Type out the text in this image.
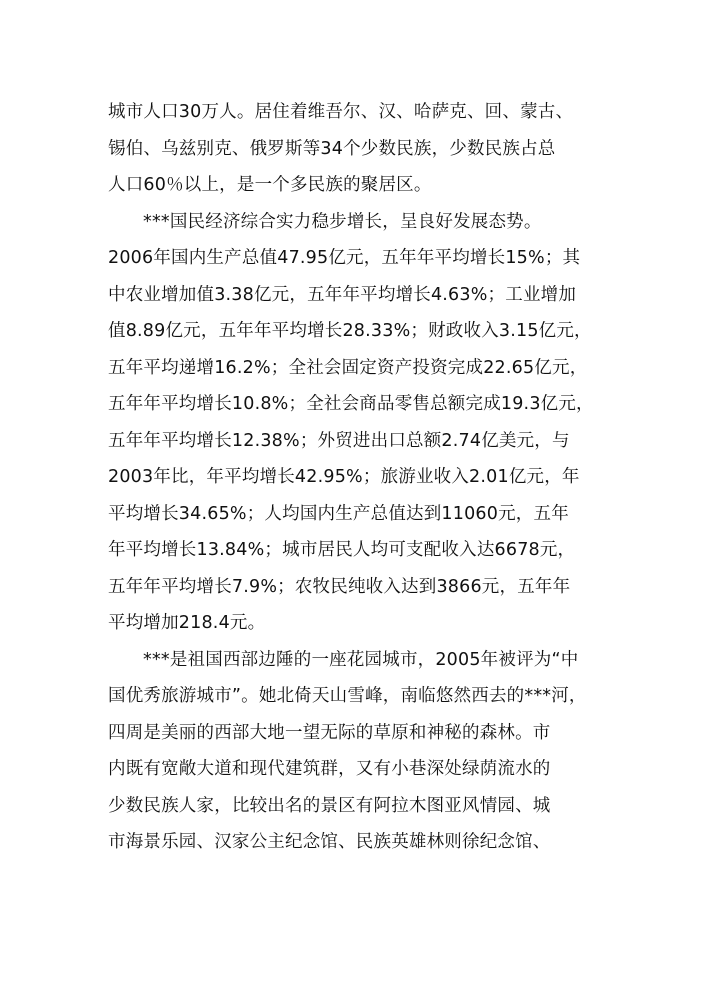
城市人口30万人。居住着维吾尔、汉、哈萨克、回、蒙古、
锡伯、乌兹别克、俄罗斯等34个少数民族，少数民族占总
人口60％以上，是一个多民族的聚居区。
***国民经济综合实力稳步增长，呈良好发展态势。
2006年国内生产总值47.95亿元，五年年平均增长15%；其
中农业增加值3.38亿元，五年年平均增长4.63%；工业增加
值8.89亿元，五年年平均增长28.33%；财政收入3.15亿元，
五年平均递增16.2%；全社会固定资产投资完成22.65亿元，
五年年平均增长10.8%；全社会商品零售总额完成19.3亿元，
五年年平均增长12.38%；外贸进出口总额2.74亿美元，与
2003年比，年平均增长42.95%；旅游业收入2.01亿元，年
平均增长34.65%；人均国内生产总值达到11060元，五年
年平均增长13.84%；城市居民人均可支配收入达6678元，
五年年平均增长7.9%；农牧民纯收入达到3866元，五年年
平均增加218.4元。
***是祖国西部边陲的一座花园城市，2005年被评为“中
国优秀旅游城市”。她北倚天山雪峰，南临悠然西去的***河，
四周是美丽的西部大地一望无际的草原和神秘的森林。市
内既有宽敞大道和现代建筑群，又有小巷深处绿荫流水的
少数民族人家，比较出名的景区有阿拉木图亚风情园、城
市海景乐园、汉家公主纪念馆、民族英雄林则徐纪念馆、
